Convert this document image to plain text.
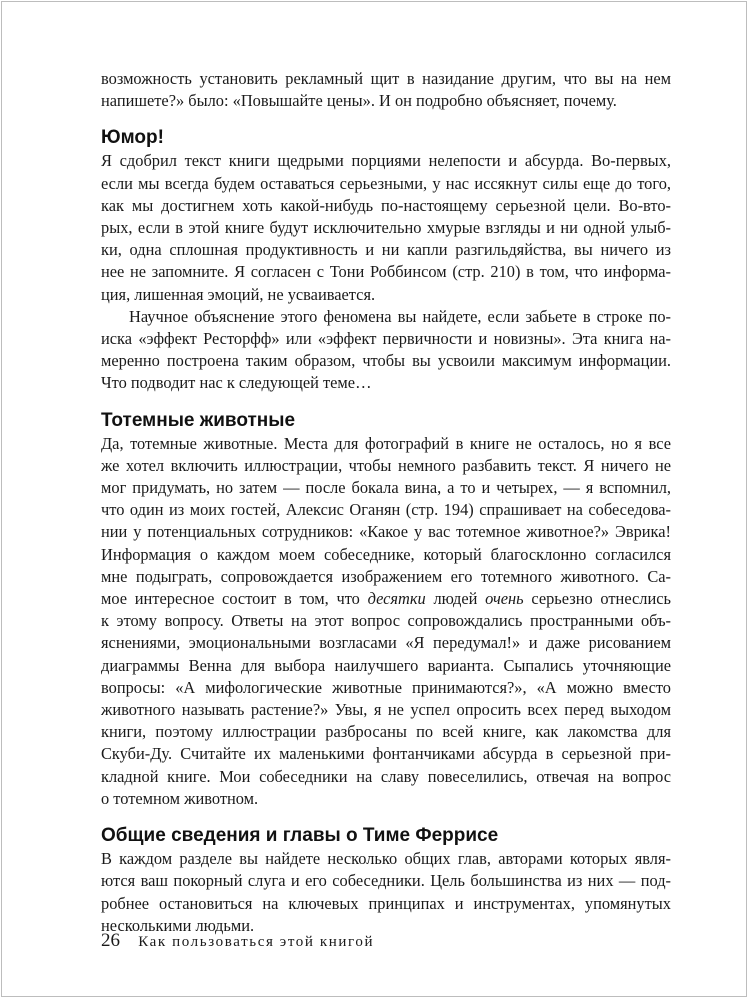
возможность установить рекламный щит в назидание другим, что вы на нем
напишете?» было: «Повышайте цены». И он подробно объясняет, почему.
Юмор!
Я сдобрил текст книги щедрыми порциями нелепости и абсурда. Во-первых,
если мы всегда будем оставаться серьезными, у нас иссякнут силы еще до того,
как мы достигнем хоть какой-нибудь по-настоящему серьезной цели. Во-вто-
рых, если в этой книге будут исключительно хмурые взгляды и ни одной улыб-
ки, одна сплошная продуктивность и ни капли разгильдяйства, вы ничего из
нее не запомните. Я согласен с Тони Роббинсом (стр. 210) в том, что информа-
ция, лишенная эмоций, не усваивается.
Научное объяснение этого феномена вы найдете, если забьете в строке по-
иска «эффект Ресторфф» или «эффект первичности и новизны». Эта книга на-
меренно построена таким образом, чтобы вы усвоили максимум информации.
Что подводит нас к следующей теме…
Тотемные животные
Да, тотемные животные. Места для фотографий в книге не осталось, но я все
же хотел включить иллюстрации, чтобы немного разбавить текст. Я ничего не
мог придумать, но затем — после бокала вина, а то и четырех, — я вспомнил,
что один из моих гостей, Алексис Оганян (стр. 194) спрашивает на собеседова-
нии у потенциальных сотрудников: «Какое у вас тотемное животное?» Эврика!
Информация о каждом моем собеседнике, который благосклонно согласился
мне подыграть, сопровождается изображением его тотемного животного. Са-
мое интересное состоит в том, что десятки людей очень серьезно отнеслись
к этому вопросу. Ответы на этот вопрос сопровождались пространными объ-
яснениями, эмоциональными возгласами «Я передумал!» и даже рисованием
диаграммы Венна для выбора наилучшего варианта. Сыпались уточняющие
вопросы: «А мифологические животные принимаются?», «А можно вместо
животного называть растение?» Увы, я не успел опросить всех перед выходом
книги, поэтому иллюстрации разбросаны по всей книге, как лакомства для
Скуби-Ду. Считайте их маленькими фонтанчиками абсурда в серьезной при-
кладной книге. Мои собеседники на славу повеселились, отвечая на вопрос
о тотемном животном.
Общие сведения и главы о Тиме Феррисе
В каждом разделе вы найдете несколько общих глав, авторами которых явля-
ются ваш покорный слуга и его собеседники. Цель большинства из них — под-
робнее остановиться на ключевых принципах и инструментах, упомянутых
несколькими людьми.
26 Как пользоваться этой книгой
